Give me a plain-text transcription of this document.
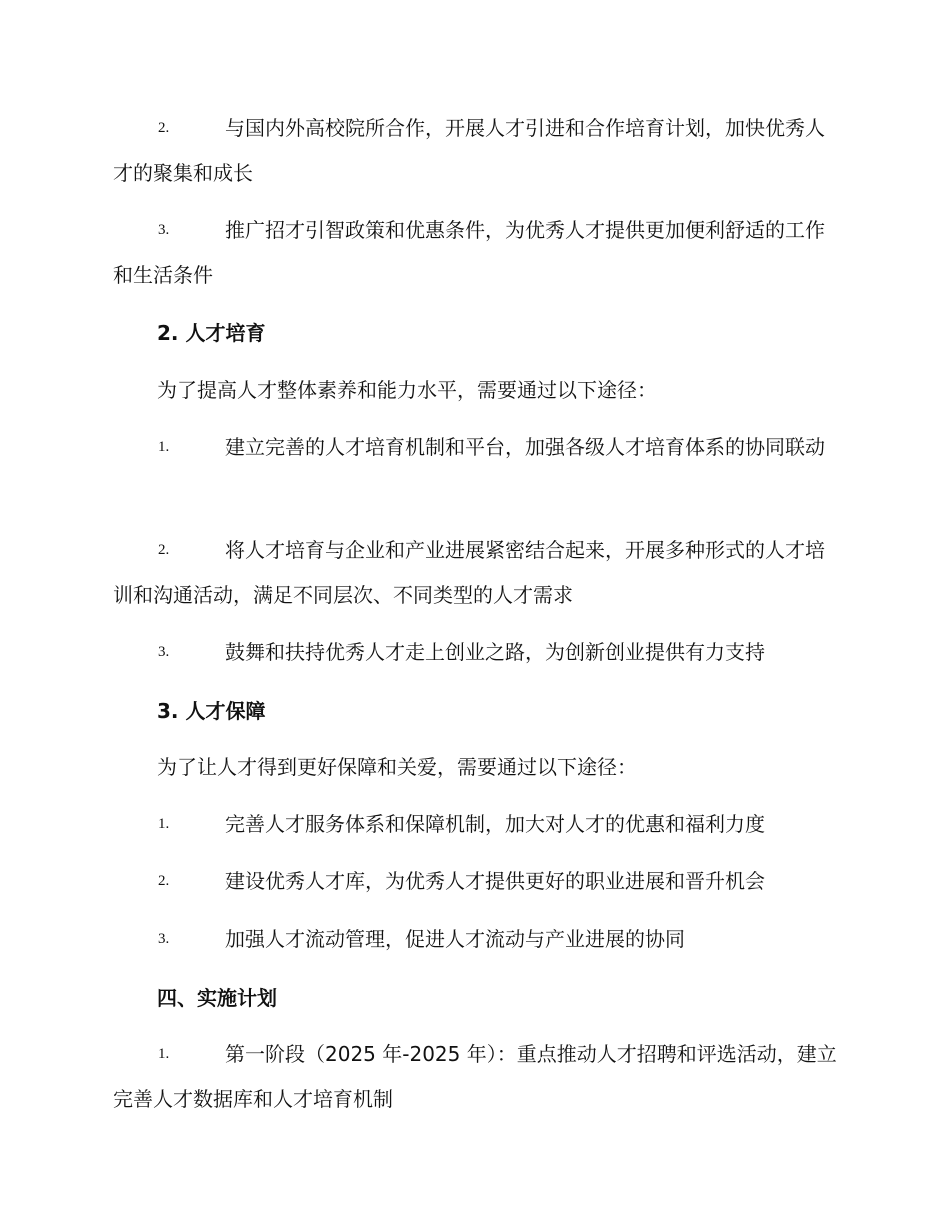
2.	与国内外高校院所合作，开展人才引进和合作培育计划，加快优秀人才的聚集和成长
3.	推广招才引智政策和优惠条件，为优秀人才提供更加便利舒适的工作和生活条件
2. 人才培育
为了提高人才整体素养和能力水平，需要通过以下途径：
1.	建立完善的人才培育机制和平台，加强各级人才培育体系的协同联动
2.	将人才培育与企业和产业进展紧密结合起来，开展多种形式的人才培训和沟通活动，满足不同层次、不同类型的人才需求
3.	鼓舞和扶持优秀人才走上创业之路，为创新创业提供有力支持
3. 人才保障
为了让人才得到更好保障和关爱，需要通过以下途径：
1.	完善人才服务体系和保障机制，加大对人才的优惠和福利力度
2.	建设优秀人才库，为优秀人才提供更好的职业进展和晋升机会
3.	加强人才流动管理，促进人才流动与产业进展的协同
四、实施计划
1.	第一阶段（2025 年-2025 年）：重点推动人才招聘和评选活动，建立完善人才数据库和人才培育机制
